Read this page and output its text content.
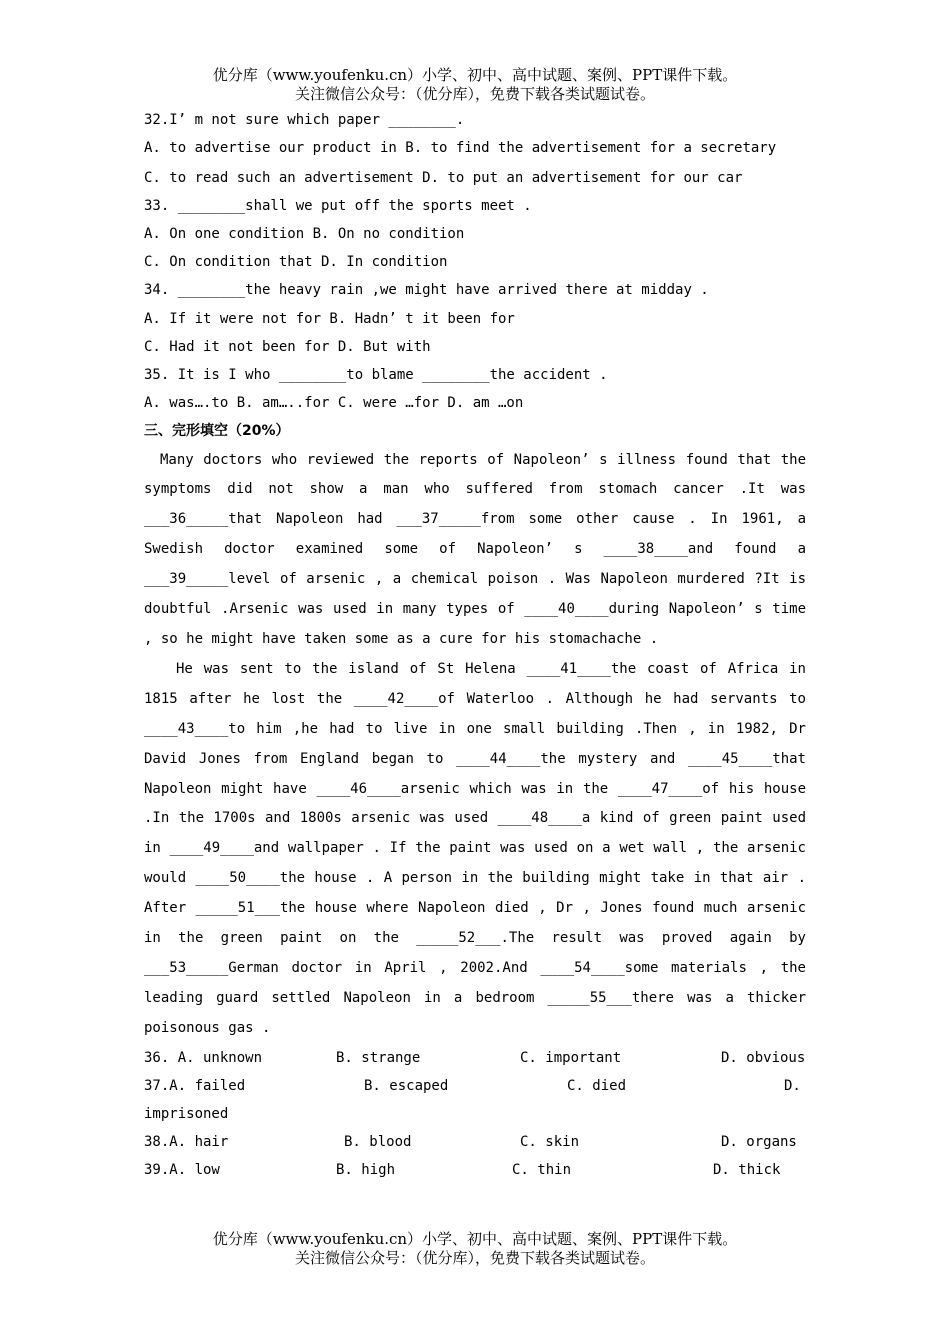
优分库（www.youfenku.cn）小学、初中、高中试题、案例、PPT课件下载。
关注微信公众号：（优分库），免费下载各类试题试卷。
32.I’ m not sure which paper ________.
A. to advertise our product in B. to find the advertisement for a secretary
C. to read such an advertisement D. to put an advertisement for our car
33. ________shall we put off the sports meet .
A. On one condition B. On no condition
C. On condition that D. In condition
34. ________the heavy rain ,we might have arrived there at midday .
A. If it were not for B. Hadn’ t it been for
C. Had it not been for D. But with
35. It is I who ________to blame ________the accident .
A. was….to B. am…..for C. were …for D. am …on
三、完形填空（20%）
Many doctors who reviewed the reports of Napoleon’ s illness found that the symptoms did not show a man who suffered from stomach cancer .It was ___36_____that Napoleon had ___37_____from some other cause . In 1961, a Swedish doctor examined some of Napoleon’ s ____38____and found a ___39_____level of arsenic , a chemical poison . Was Napoleon murdered ?It is doubtful .Arsenic was used in many types of ____40____during Napoleon’ s time , so he might have taken some as a cure for his stomachache .
He was sent to the island of St Helena ____41____the coast of Africa in 1815 after he lost the ____42____of Waterloo . Although he had servants to ____43____to him ,he had to live in one small building .Then , in 1982, Dr David Jones from England began to ____44____the mystery and ____45____that Napoleon might have ____46____arsenic which was in the ____47____of his house .In the 1700s and 1800s arsenic was used ____48____a kind of green paint used in ____49____and wallpaper . If the paint was used on a wet wall , the arsenic would ____50____the house . A person in the building might take in that air . After _____51___the house where Napoleon died , Dr , Jones found much arsenic in the green paint on the _____52___.The result was proved again by ___53_____German doctor in April , 2002.And ____54____some materials , the leading guard settled Napoleon in a bedroom _____55___there was a thicker poisonous gas .
36. A. unknown	B. strange	C. important	D. obvious
37.A. failed	B. escaped	C. died	D.
imprisoned
38.A. hair	B. blood	C. skin	D. organs
39.A. low	B. high	C. thin	D. thick
优分库（www.youfenku.cn）小学、初中、高中试题、案例、PPT课件下载。
关注微信公众号：（优分库），免费下载各类试题试卷。
